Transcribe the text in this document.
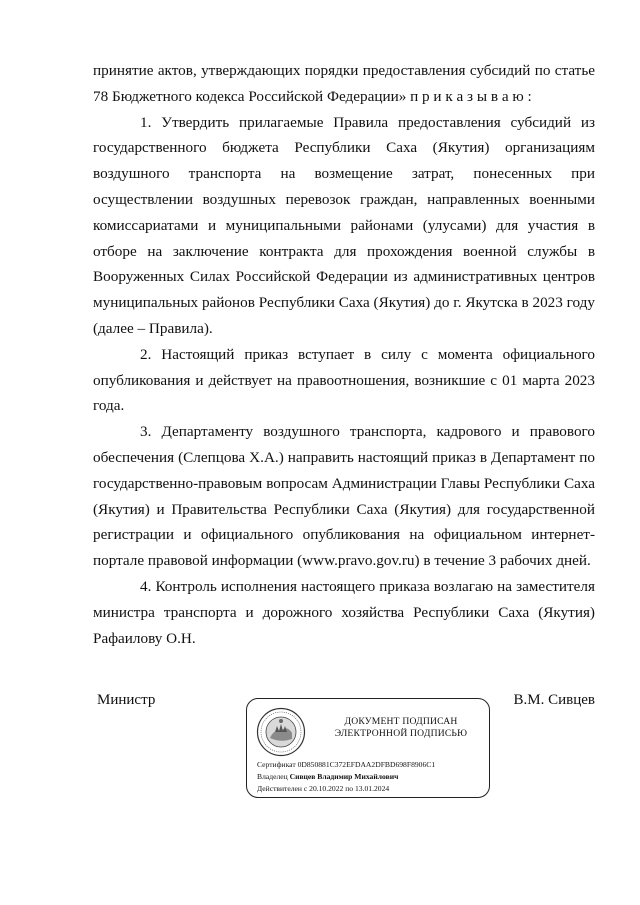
принятие актов, утверждающих порядки предоставления субсидий по статье 78 Бюджетного кодекса Российской Федерации» п р и к а з ы в а ю :

1. Утвердить прилагаемые Правила предоставления субсидий из государственного бюджета Республики Саха (Якутия) организациям воздушного транспорта на возмещение затрат, понесенных при осуществлении воздушных перевозок граждан, направленных военными комиссариатами и муниципальными районами (улусами) для участия в отборе на заключение контракта для прохождения военной службы в Вооруженных Силах Российской Федерации из административных центров муниципальных районов Республики Саха (Якутия) до г. Якутска в 2023 году (далее – Правила).

2. Настоящий приказ вступает в силу с момента официального опубликования и действует на правоотношения, возникшие с 01 марта 2023 года.

3. Департаменту воздушного транспорта, кадрового и правового обеспечения (Слепцова Х.А.) направить настоящий приказ в Департамент по государственно-правовым вопросам Администрации Главы Республики Саха (Якутия) и Правительства Республики Саха (Якутия) для государственной регистрации и официального опубликования на официальном интернет-портале правовой информации (www.pravo.gov.ru) в течение 3 рабочих дней.

4. Контроль исполнения настоящего приказа возлагаю на заместителя министра транспорта и дорожного хозяйства Республики Саха (Якутия) Рафаилову О.Н.

Министр	В.М. Сивцев
ДОКУМЕНТ ПОДПИСАН
ЭЛЕКТРОННОЙ ПОДПИСЬЮ
Сертификат 0D850881C372EFDAA2DFBD698F8906C1
Владелец Сивцев Владимир Михайлович
Действителен с 20.10.2022 по 13.01.2024
